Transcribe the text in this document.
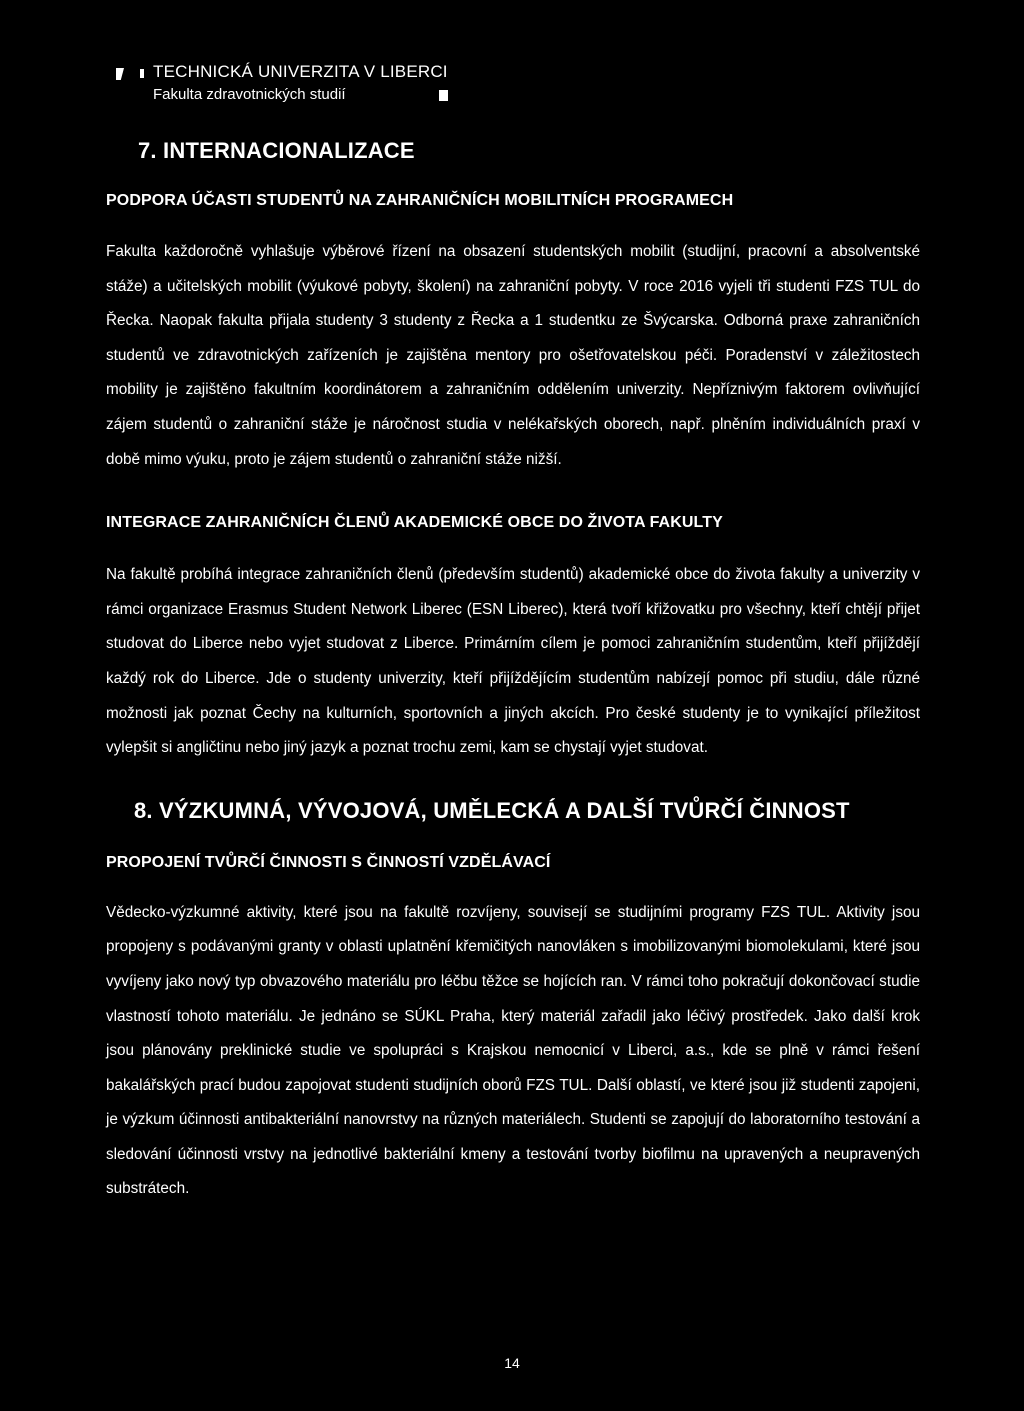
TECHNICKÁ UNIVERZITA V LIBERCI
Fakulta zdravotnických studií
7. INTERNACIONALIZACE
PODPORA ÚČASTI STUDENTŮ NA ZAHRANIČNÍCH MOBILITNÍCH PROGRAMECH

Fakulta každoročně vyhlašuje výběrové řízení na obsazení studentských mobilit (studijní, pracovní a absolventské stáže) a učitelských mobilit (výukové pobyty, školení) na zahraniční pobyty. V roce 2016 vyjeli tři studenti FZS TUL do Řecka. Naopak fakulta přijala studenty 3 studenty z Řecka a 1 studentku ze Švýcarska. Odborná praxe zahraničních studentů ve zdravotnických zařízeních je zajištěna mentory pro ošetřovatelskou péči. Poradenství v záležitostech mobility je zajištěno fakultním koordinátorem a zahraničním oddělením univerzity. Nepříznivým faktorem ovlivňující zájem studentů o zahraniční stáže je náročnost studia v nelékařských oborech, např. plněním individuálních praxí v době mimo výuku, proto je zájem studentů o zahraniční stáže nižší.

INTEGRACE ZAHRANIČNÍCH ČLENŮ AKADEMICKÉ OBCE DO ŽIVOTA FAKULTY

Na fakultě probíhá integrace zahraničních členů (především studentů) akademické obce do života fakulty a univerzity v rámci organizace Erasmus Student Network Liberec (ESN Liberec), která tvoří křižovatku pro všechny, kteří chtějí přijet studovat do Liberce nebo vyjet studovat z Liberce. Primárním cílem je pomoci zahraničním studentům, kteří přijíždějí každý rok do Liberce. Jde o studenty univerzity, kteří přijíždějícím studentům nabízejí pomoc při studiu, dále různé možnosti jak poznat Čechy na kulturních, sportovních a jiných akcích. Pro české studenty je to vynikající příležitost vylepšit si angličtinu nebo jiný jazyk a poznat trochu zemi, kam se chystají vyjet studovat.

8. VÝZKUMNÁ, VÝVOJOVÁ, UMĚLECKÁ A DALŠÍ TVŮRČÍ ČINNOST
PROPOJENÍ TVŮRČÍ ČINNOSTI S ČINNOSTÍ VZDĚLÁVACÍ

Vědecko-výzkumné aktivity, které jsou na fakultě rozvíjeny, souvisejí se studijními programy FZS TUL. Aktivity jsou propojeny s podávanými granty v oblasti uplatnění křemičitých nanovláken s imobilizovanými biomolekulami, které jsou vyvíjeny jako nový typ obvazového materiálu pro léčbu těžce se hojících ran. V rámci toho pokračují dokončovací studie vlastností tohoto materiálu. Je jednáno se SÚKL Praha, který materiál zařadil jako léčivý prostředek. Jako další krok jsou plánovány preklinické studie ve spolupráci s Krajskou nemocnicí v Liberci, a.s., kde se plně v rámci řešení bakalářských prací budou zapojovat studenti studijních oborů FZS TUL. Další oblastí, ve které jsou již studenti zapojeni, je výzkum účinnosti antibakteriální nanovrstvy na různých materiálech. Studenti se zapojují do laboratorního testování a sledování účinnosti vrstvy na jednotlivé bakteriální kmeny a testování tvorby biofilmu na upravených a neupravených substrátech.

14
